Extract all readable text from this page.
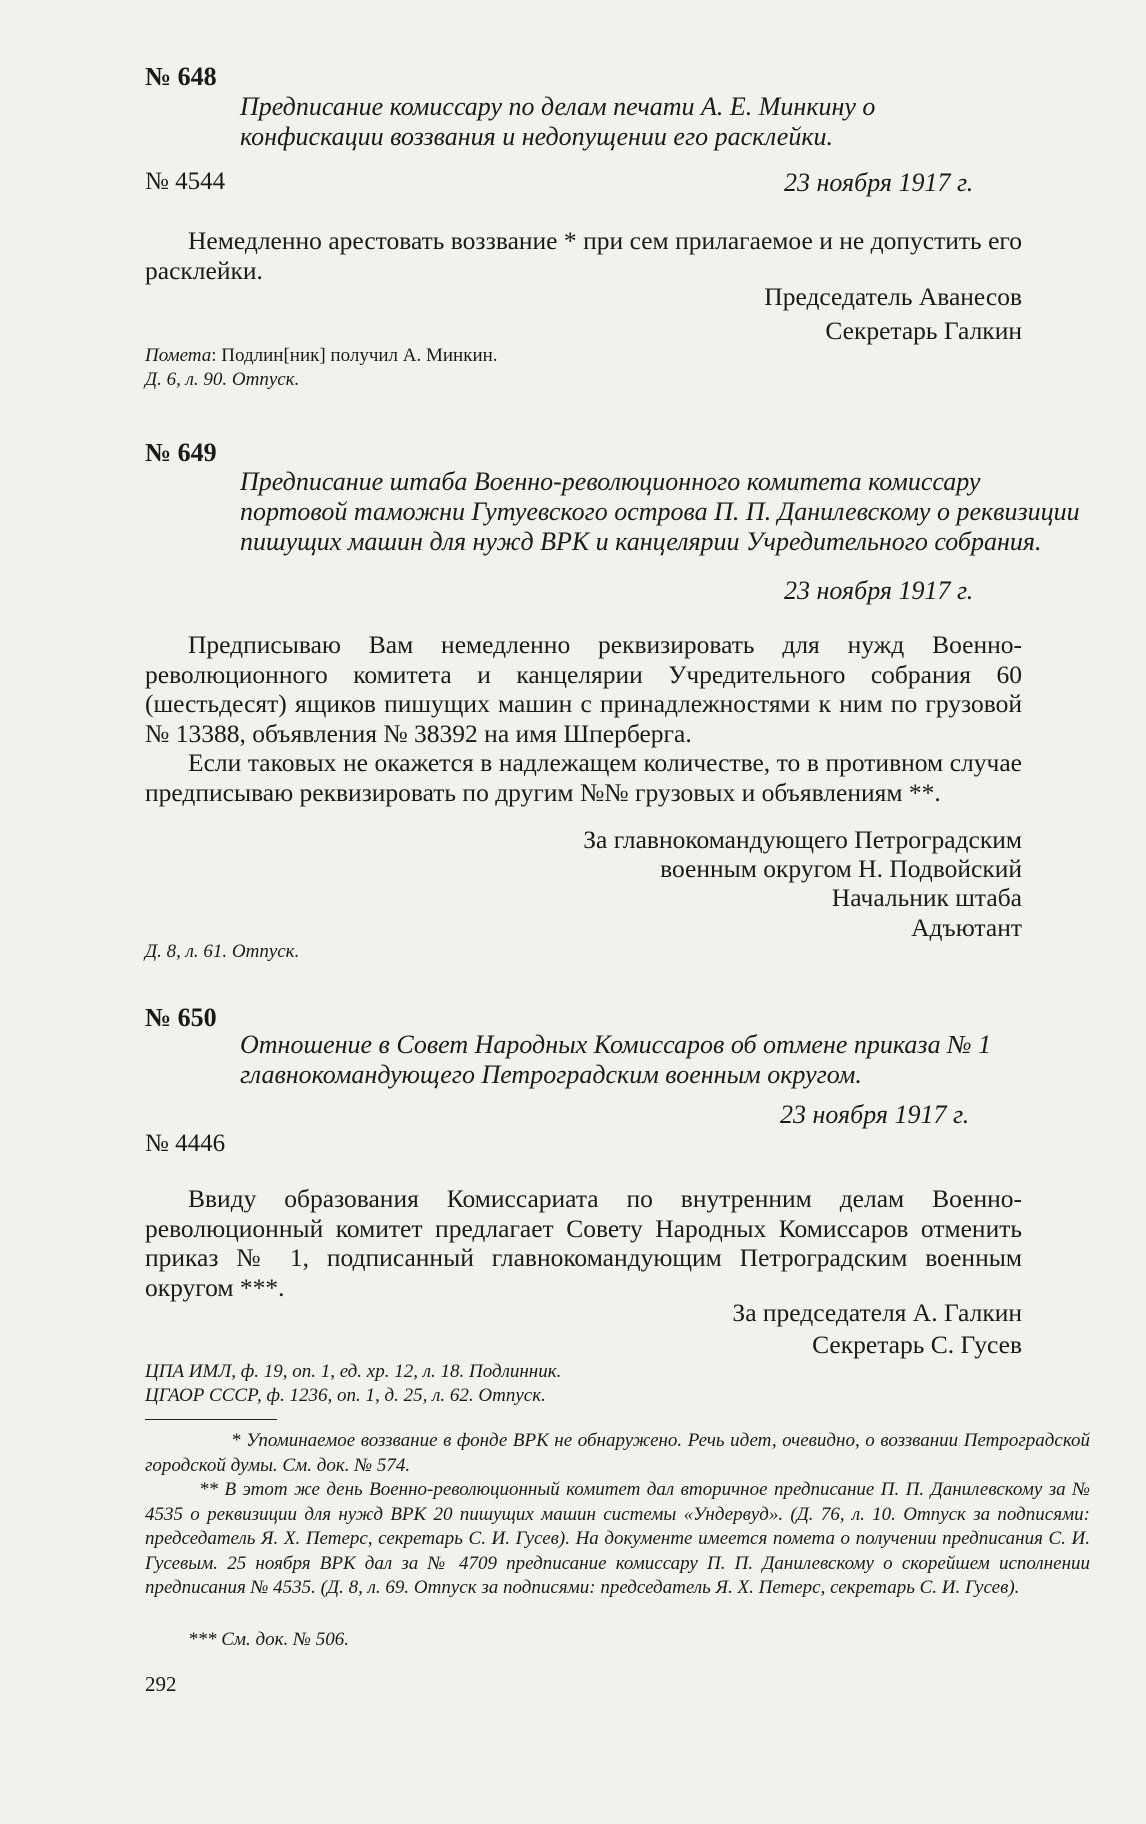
№ 648
Предписание комиссару по делам печати А. Е. Минкину о конфискации воззвания и недопущении его расклейки.
№ 4544	23 ноября 1917 г.
Немедленно арестовать воззвание * при сем прилагаемое и не допустить его расклейки.
Председатель Аванесов
Секретарь Галкин
Помета: Подлин[ник] получил А. Минкин.
Д. 6, л. 90. Отпуск.
№ 649
Предписание штаба Военно-революционного комитета комиссару портовой таможни Гутуевского острова П. П. Данилевскому о реквизиции пишущих машин для нужд ВРК и канцелярии Учредительного собрания.
23 ноября 1917 г.
Предписываю Вам немедленно реквизировать для нужд Военно-революционного комитета и канцелярии Учредительного собрания 60 (шестьдесят) ящиков пишущих машин с принадлежностями к ним по грузовой № 13388, объявления № 38392 на имя Шперберга.
Если таковых не окажется в надлежащем количестве, то в противном случае предписываю реквизировать по другим №№ грузовых и объявлениям **.
За главнокомандующего Петроградским
военным округом Н. Подвойский
Начальник штаба
Адъютант
Д. 8, л. 61. Отпуск.
№ 650
Отношение в Совет Народных Комиссаров об отмене приказа № 1 главнокомандующего Петроградским военным округом.
№ 4446
23 ноября 1917 г.
Ввиду образования Комиссариата по внутренним делам Военно-революционный комитет предлагает Совету Народных Комиссаров отменить приказ № 1, подписанный главнокомандующим Петроградским военным округом ***.
За председателя А. Галкин
Секретарь С. Гусев
ЦПА ИМЛ, ф. 19, оп. 1, ед. хр. 12, л. 18. Подлинник.
ЦГАОР СССР, ф. 1236, оп. 1, д. 25, л. 62. Отпуск.
* Упоминаемое воззвание в фонде ВРК не обнаружено. Речь идет, очевидно, о воззвании Петроградской городской думы. См. док. № 574.
** В этот же день Военно-революционный комитет дал вторичное предписание П. П. Данилевскому за № 4535 о реквизиции для нужд ВРК 20 пишущих машин системы «Ундервуд». (Д. 76, л. 10. Отпуск за подписями: председатель Я. Х. Петерс, секретарь С. И. Гусев). На документе имеется помета о получении предписания С. И. Гусевым. 25 ноября ВРК дал за № 4709 предписание комиссару П. П. Данилевскому о скорейшем исполнении предписания № 4535. (Д. 8, л. 69. Отпуск за подписями: председатель Я. Х. Петерс, секретарь С. И. Гусев).
*** См. док. № 506.
292
